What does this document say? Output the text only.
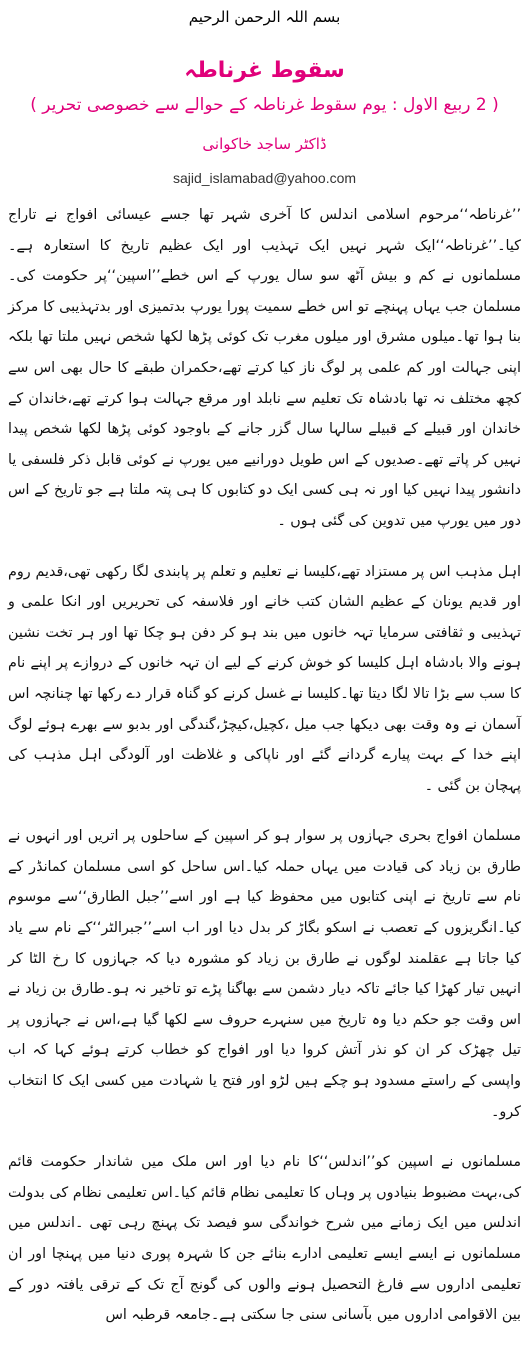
بسم اللہ الرحمن الرحیم
سقوط غرناطہ
( 2 ربیع الاول : یوم سقوط غرناطہ کے حوالے سے خصوصی تحریر )
ڈاکٹر ساجد خاکوانی
sajid_islamabad@yahoo.com

’’غرناطہ‘‘مرحوم اسلامی اندلس کا آخری شہر تھا جسے عیسائی افواج نے تاراج کیا۔’’غرناطہ‘‘ایک شہر نہیں ایک تہذیب اور ایک عظیم تاریخ کا استعارہ ہے۔مسلمانوں نے کم و بیش آٹھ سو سال یورپ کے اس خطے’’اسپین‘‘پر حکومت کی۔مسلمان جب یہاں پہنچے تو اس خطے سمیت پورا یورپ بدتمیزی اور بدتہذیبی کا مرکز بنا ہوا تھا۔میلوں مشرق اور میلوں مغرب تک کوئی پڑھا لکھا شخص نہیں ملتا تھا بلکہ اپنی جہالت اور کم علمی پر لوگ ناز کیا کرتے تھے،حکمران طبقے کا حال بھی اس سے کچھ مختلف نہ تھا بادشاہ تک تعلیم سے نابلد اور مرقع جہالت ہوا کرتے تھے،خاندان کے خاندان اور قبیلے کے قبیلے سالہا سال گزر جانے کے باوجود کوئی پڑھا لکھا شخص پیدا نہیں کر پاتے تھے۔صدیوں کے اس طویل دورانیے میں یورپ نے کوئی قابل ذکر فلسفی یا دانشور پیدا نہیں کیا اور نہ ہی کسی ایک دو کتابوں کا ہی پتہ ملتا ہے جو تاریخ کے اس دور میں یورپ میں تدوین کی گئی ہوں ۔

اہل مذہب اس پر مستزاد تھے،کلیسا نے تعلیم و تعلم پر پابندی لگا رکھی تھی،قدیم روم اور قدیم یونان کے عظیم الشان کتب خانے اور فلاسفہ کی تحریریں اور انکا علمی و تہذیبی و ثقافتی سرمایا تہہ خانوں میں بند ہو کر دفن ہو چکا تھا اور ہر تخت نشین ہونے والا بادشاہ اہل کلیسا کو خوش کرنے کے لیے ان تہہ خانوں کے دروازے پر اپنے نام کا سب سے بڑا تالا لگا دیتا تھا۔کلیسا نے غسل کرنے کو گناہ قرار دے رکھا تھا چنانچہ اس آسمان نے وہ وقت بھی دیکھا جب میل ،کچیل،کیچڑ،گندگی اور بدبو سے بھرے ہوئے لوگ اپنے خدا کے بہت پیارے گردانے گئے اور ناپاکی و غلاظت اور آلودگی اہل مذہب کی پہچان بن گئی ۔

مسلمان افواج بحری جہازوں پر سوار ہو کر اسپین کے ساحلوں پر اتریں اور انہوں نے طارق بن زیاد کی قیادت میں یہاں حملہ کیا۔اس ساحل کو اسی مسلمان کمانڈر کے نام سے تاریخ نے اپنی کتابوں میں محفوظ کیا ہے اور اسے’’جبل الطارق‘‘سے موسوم کیا۔انگریزوں کے تعصب نے اسکو بگاڑ کر بدل دیا اور اب اسے’’جبرالٹر‘‘کے نام سے یاد کیا جاتا ہے عقلمند لوگوں نے طارق بن زیاد کو مشورہ دیا کہ جہازوں کا رخ الٹا کر انہیں تیار کھڑا کیا جائے تاکہ دیار دشمن سے بھاگنا پڑے تو تاخیر نہ ہو۔طارق بن زیاد نے اس وقت جو حکم دیا وہ تاریخ میں سنہرے حروف سے لکھا گیا ہے،اس نے جہازوں پر تیل چھڑک کر ان کو نذر آتش کروا دیا اور افواج کو خطاب کرتے ہوئے کہا کہ اب واپسی کے راستے مسدود ہو چکے ہیں لڑو اور فتح یا شہادت میں کسی ایک کا انتخاب کرو۔

مسلمانوں نے اسپین کو’’اندلس‘‘کا نام دیا اور اس ملک میں شاندار حکومت قائم کی،بہت مضبوط بنیادوں پر وہاں کا تعلیمی نظام قائم کیا۔اس تعلیمی نظام کی بدولت اندلس میں ایک زمانے میں شرح خواندگی سو فیصد تک پہنچ رہی تھی ۔اندلس میں مسلمانوں نے ایسے ایسے تعلیمی ادارے بنائے جن کا شہرہ پوری دنیا میں پہنچا اور ان تعلیمی اداروں سے فارغ التحصیل ہونے والوں کی گونج آج تک کے ترقی یافتہ دور کے بین الاقوامی اداروں میں بآسانی سنی جا سکتی ہے۔جامعہ قرطبہ اس
